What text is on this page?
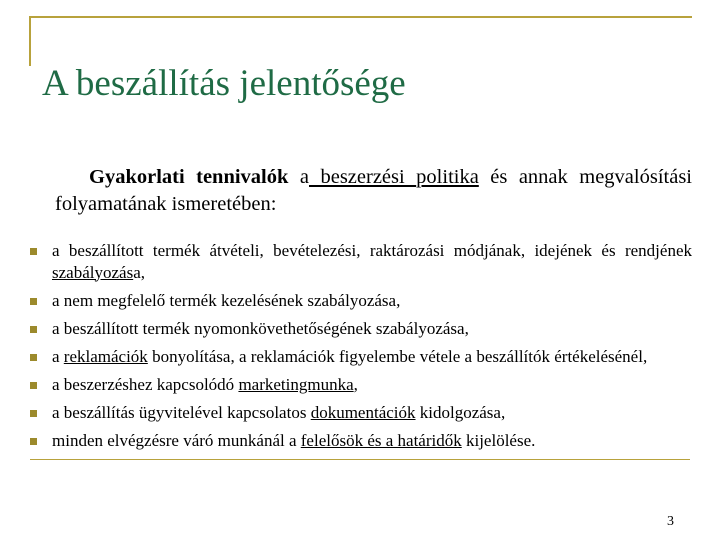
A beszállítás jelentősége

Gyakorlati tennivalók a beszerzési politika és annak megvalósítási folyamatának ismeretében:

a beszállított termék átvételi, bevételezési, raktározási módjának, idejének és rendjének szabályozása,
a nem megfelelő termék kezelésének szabályozása,
a beszállított termék nyomonkövethetőségének szabályozása,
a reklamációk bonyolítása, a reklamációk figyelembe vétele a beszállítók értékelésénél,
a beszerzéshez kapcsolódó marketingmunka,
a beszállítás ügyvitelével kapcsolatos dokumentációk kidolgozása,
minden elvégzésre váró munkánál a felelősök és a határidők kijelölése.
3
